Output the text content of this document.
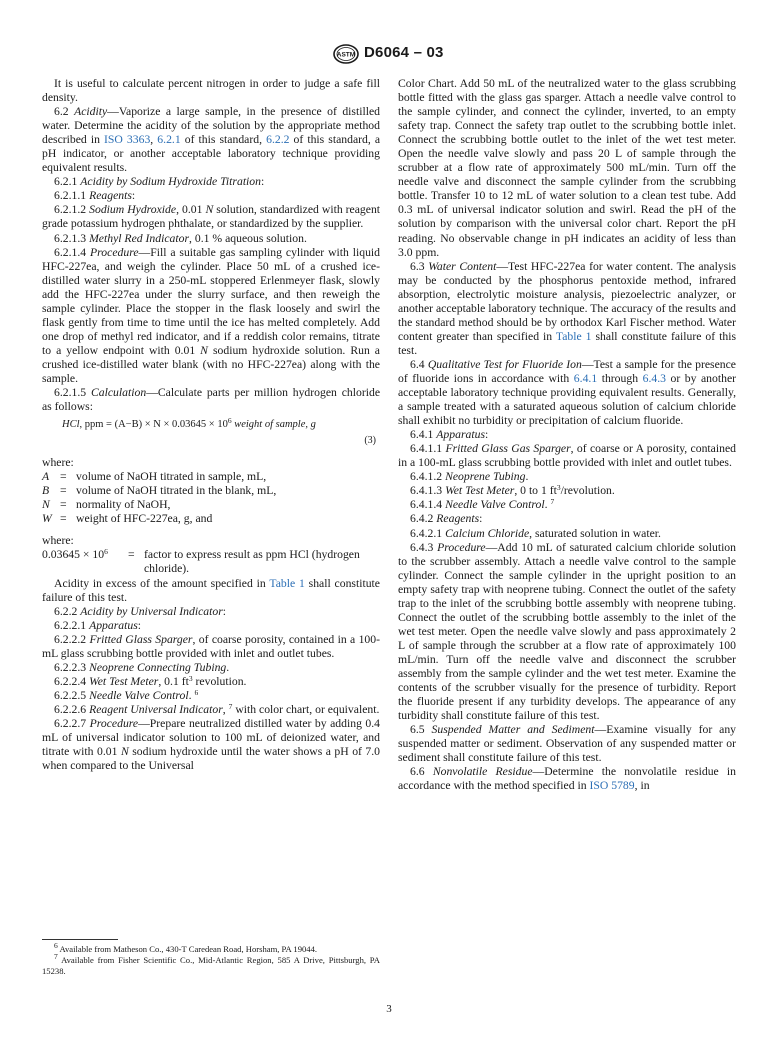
ASTM D6064 – 03

It is useful to calculate percent nitrogen in order to judge a safe fill density.

6.2 Acidity—Vaporize a large sample, in the presence of distilled water. Determine the acidity of the solution by the appropriate method described in ISO 3363, 6.2.1 of this standard, 6.2.2 of this standard, a pH indicator, or another acceptable laboratory technique providing equivalent results.

6.2.1 Acidity by Sodium Hydroxide Titration:

6.2.1.1 Reagents:

6.2.1.2 Sodium Hydroxide, 0.01 N solution, standardized with reagent grade potassium hydrogen phthalate, or standardized by the supplier.

6.2.1.3 Methyl Red Indicator, 0.1 % aqueous solution.

6.2.1.4 Procedure—Fill a suitable gas sampling cylinder with liquid HFC-227ea, and weigh the cylinder. Place 50 mL of a crushed ice-distilled water slurry in a 250-mL stoppered Erlenmeyer flask, slowly add the HFC-227ea under the slurry surface, and then reweigh the sample cylinder. Place the stopper in the flask loosely and swirl the flask gently from time to time until the ice has melted completely. Add one drop of methyl red indicator, and if a reddish color remains, titrate to a yellow endpoint with 0.01 N sodium hydroxide solution. Run a crushed ice-distilled water blank (with no HFC-227ea) along with the sample.

6.2.1.5 Calculation—Calculate parts per million hydrogen chloride as follows:

HCl, ppm = $(A-B) \times N \times 0.03645 \times 10^6$ weight of sample, g
(3)

where:

A	=	volume of NaOH titrated in sample, mL,
B	=	volume of NaOH titrated in the blank, mL,
N	=	normality of NaOH,
W	=	weight of HFC-227ea, g, and

where:

$0.03645 \times 10^6$	=	factor to express result as ppm HCl (hydrogen chloride).

Acidity in excess of the amount specified in Table 1 shall constitute failure of this test.

6.2.2 Acidity by Universal Indicator:

6.2.2.1 Apparatus:

6.2.2.2 Fritted Glass Sparger, of coarse porosity, contained in a 100-mL glass scrubbing bottle provided with inlet and outlet tubes.

6.2.2.3 Neoprene Connecting Tubing.

6.2.2.4 Wet Test Meter, 0.1 $ft^3$ revolution.

6.2.2.5 Needle Valve Control. $^6$

6.2.2.6 Reagent Universal Indicator, $^7$ with color chart, or equivalent.

6.2.2.7 Procedure—Prepare neutralized distilled water by adding 0.4 mL of universal indicator solution to 100 mL of deionized water, and titrate with 0.01 N sodium hydroxide until the water shows a pH of 7.0 when compared to the Universal

Color Chart. Add 50 mL of the neutralized water to the glass scrubbing bottle fitted with the glass gas sparger. Attach a needle valve control to the sample cylinder, and connect the cylinder, inverted, to an empty safety trap. Connect the safety trap outlet to the scrubbing bottle inlet. Connect the scrubbing bottle outlet to the inlet of the wet test meter. Open the needle valve slowly and pass 20 L of sample through the scrubber at a flow rate of approximately 500 mL/min. Turn off the needle valve and disconnect the sample cylinder from the scrubbing bottle. Transfer 10 to 12 mL of water solution to a clean test tube. Add 0.3 mL of universal indicator solution and swirl. Read the pH of the solution by comparison with the universal color chart. Report the pH reading. No observable change in pH indicates an acidity of less than 3.0 ppm.

6.3 Water Content—Test HFC-227ea for water content. The analysis may be conducted by the phosphorus pentoxide method, infrared absorption, electrolytic moisture analysis, piezoelectric analyzer, or another acceptable laboratory technique. The accuracy of the results and the standard method should be by orthodox Karl Fischer method. Water content greater than specified in Table 1 shall constitute failure of this test.

6.4 Qualitative Test for Fluoride Ion—Test a sample for the presence of fluoride ions in accordance with 6.4.1 through 6.4.3 or by another acceptable laboratory technique providing equivalent results. Generally, a sample treated with a saturated aqueous solution of calcium chloride shall exhibit no turbidity or precipitation of calcium fluoride.

6.4.1 Apparatus:

6.4.1.1 Fritted Glass Gas Sparger, of coarse or A porosity, contained in a 100-mL glass scrubbing bottle provided with inlet and outlet tubes.

6.4.1.2 Neoprene Tubing.

6.4.1.3 Wet Test Meter, 0 to 1 $ft^3$/revolution.

6.4.1.4 Needle Valve Control. $^7$

6.4.2 Reagents:

6.4.2.1 Calcium Chloride, saturated solution in water.

6.4.3 Procedure—Add 10 mL of saturated calcium chloride solution to the scrubber assembly. Attach a needle valve control to the sample cylinder. Connect the sample cylinder in the upright position to an empty safety trap with neoprene tubing. Connect the outlet of the safety trap to the inlet of the scrubbing bottle assembly with neoprene tubing. Connect the outlet of the scrubbing bottle assembly to the inlet of the wet test meter. Open the needle valve slowly and pass approximately 2 L of sample through the scrubber at a flow rate of approximately 100 mL/min. Turn off the needle valve and disconnect the scrubber assembly from the sample cylinder and the wet test meter. Examine the contents of the scrubber visually for the presence of turbidity. Report the fluoride present if any turbidity develops. The appearance of any turbidity shall constitute failure of this test.

6.5 Suspended Matter and Sediment—Examine visually for any suspended matter or sediment. Observation of any suspended matter or sediment shall constitute failure of this test.

6.6 Nonvolatile Residue—Determine the nonvolatile residue in accordance with the method specified in ISO 5789, in

$^6$ Available from Matheson Co., 430-T Caredean Road, Horsham, PA 19044.

$^7$ Available from Fisher Scientific Co., Mid-Atlantic Region, 585 A Drive, Pittsburgh, PA 15238.

3
